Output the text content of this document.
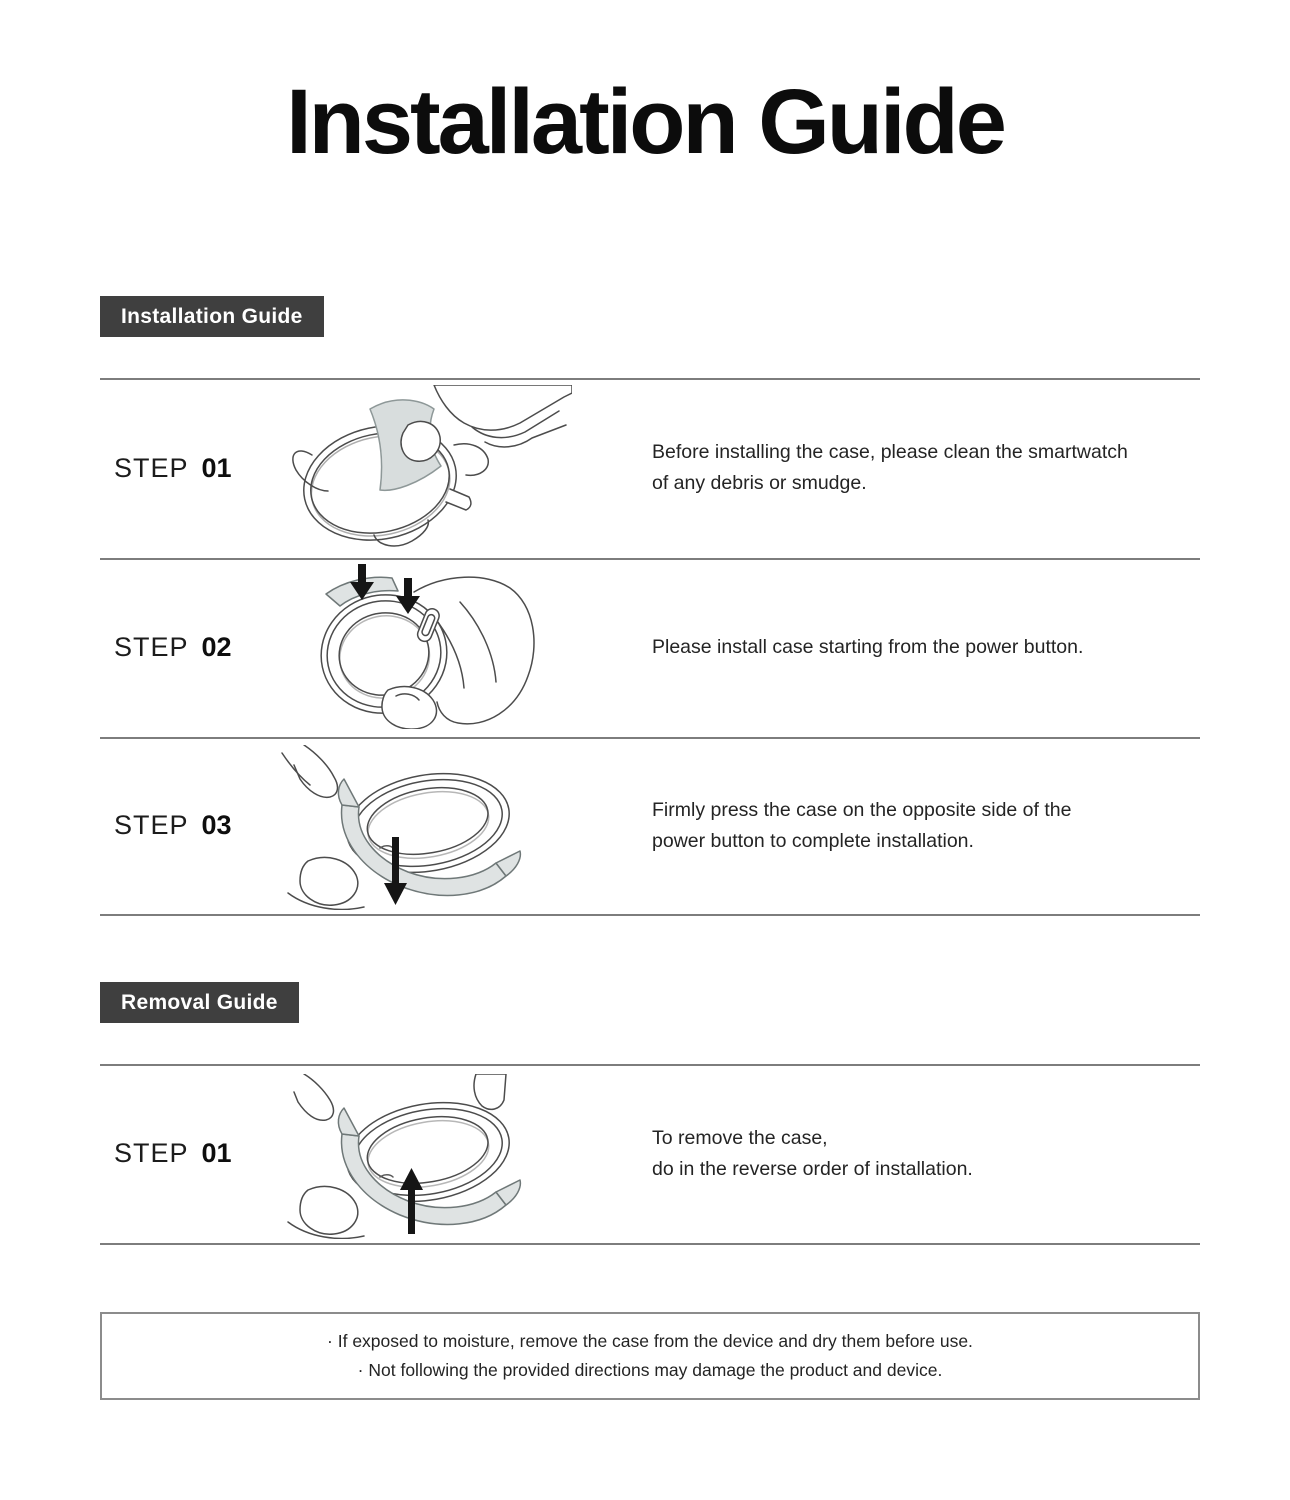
Installation Guide
Installation Guide
STEP 01
Before installing the case, please clean the smartwatch
of any debris or smudge.
STEP 02	Please install case starting from the power button.
STEP 03
Firmly press the case on the opposite side of the
power button to complete installation.
Removal Guide
STEP 01
To remove the case,
do in the reverse order of installation.
· If exposed to moisture, remove the case from the device and dry them before use.
· Not following the provided directions may damage the product and device.
